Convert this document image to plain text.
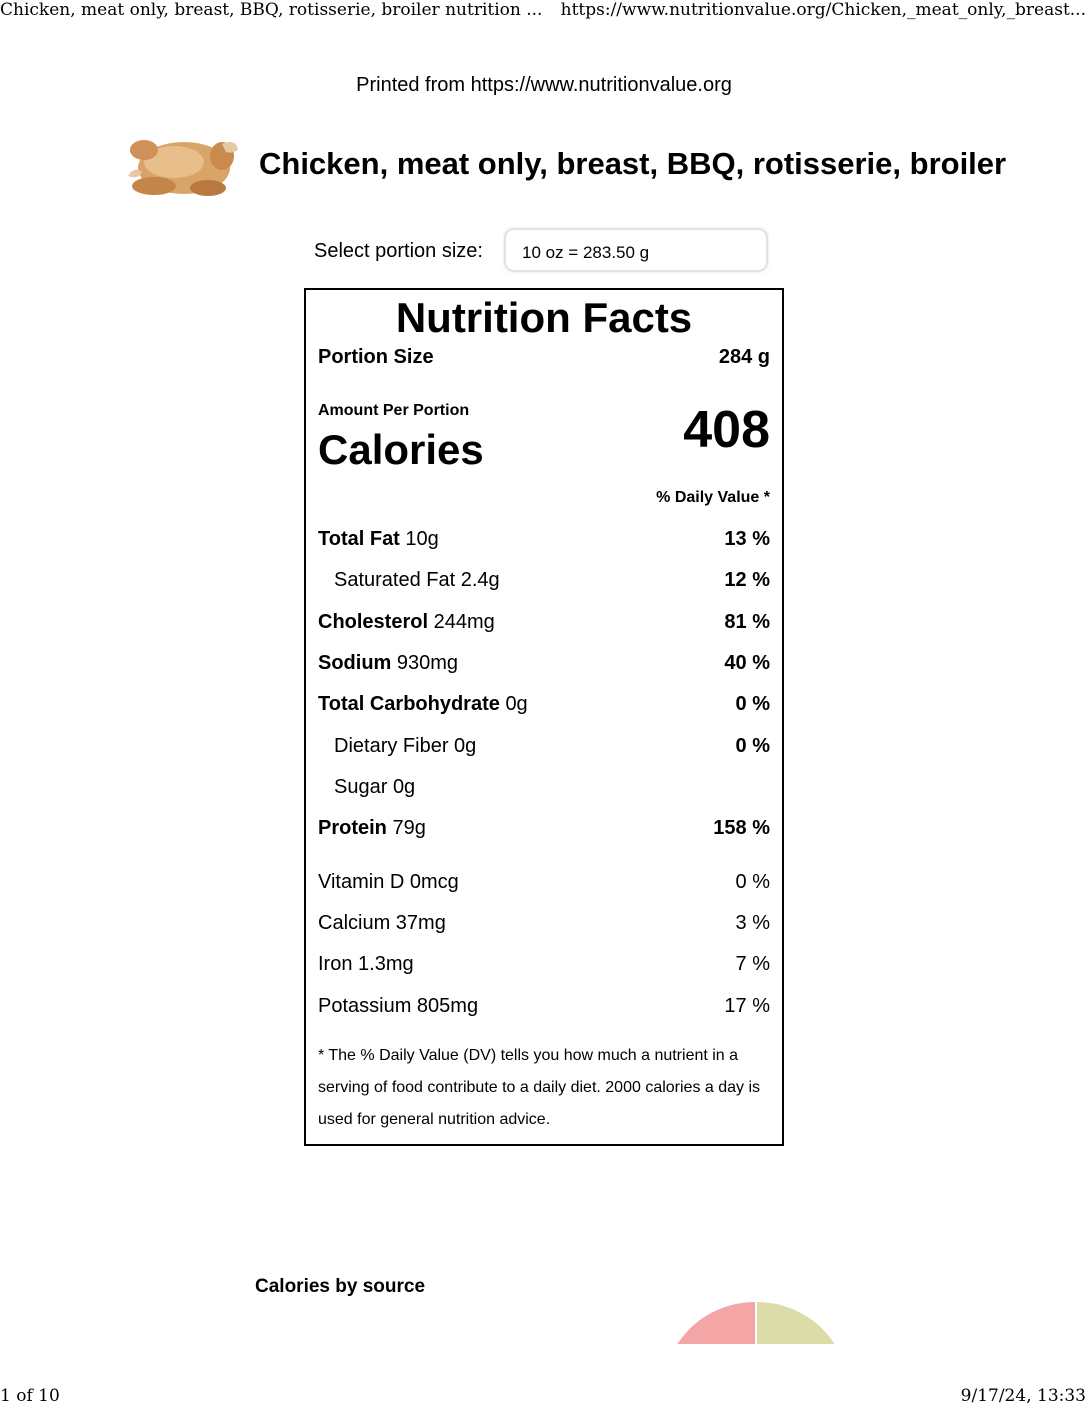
Chicken, meat only, breast, BBQ, rotisserie, broiler nutrition ... https://www.nutritionvalue.org/Chicken,_meat_only,_breast...
Printed from https://www.nutritionvalue.org
Chicken, meat only, breast, BBQ, rotisserie, broiler
Select portion size:	10 oz = 283.50 g
Nutrition Facts
Portion Size	284 g
Amount Per Portion
Calories	408
% Daily Value *
Total Fat 10g	13 %
Saturated Fat 2.4g	12 %
Cholesterol 244mg	81 %
Sodium 930mg	40 %
Total Carbohydrate 0g	0 %
Dietary Fiber 0g	0 %
Sugar 0g
Protein 79g	158 %
Vitamin D 0mcg	0 %
Calcium 37mg	3 %
Iron 1.3mg	7 %
Potassium 805mg	17 %
* The % Daily Value (DV) tells you how much a nutrient in a serving of food contribute to a daily diet. 2000 calories a day is used for general nutrition advice.
Calories by source
1 of 10	9/17/24, 13:33
